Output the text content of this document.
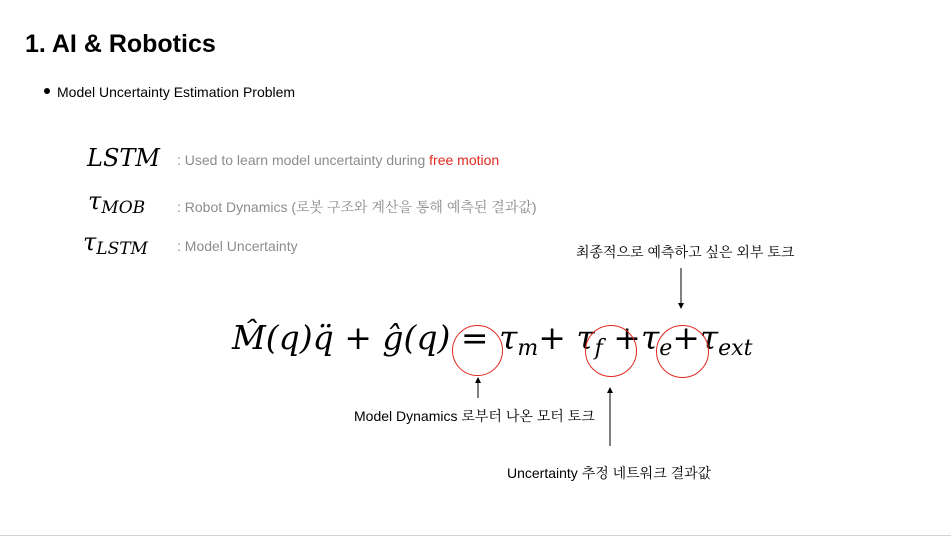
1. AI & Robotics
Model Uncertainty Estimation Problem
LSTM : Used to learn model uncertainty during free motion
$\tau_{MOB}$ : Robot Dynamics (로봇 구조와 계산을 통해 예측된 결과값)
$\tau_{LSTM}$ : Model Uncertainty
M̂(q)q̈ + ĝ(q) = $\tau_m+ \tau_f +\tau_e+\tau_{ext}$
최종적으로 예측하고 싶은 외부 토크
Model Dynamics 로부터 나온 모터 토크
Uncertainty 추정 네트워크 결과값
